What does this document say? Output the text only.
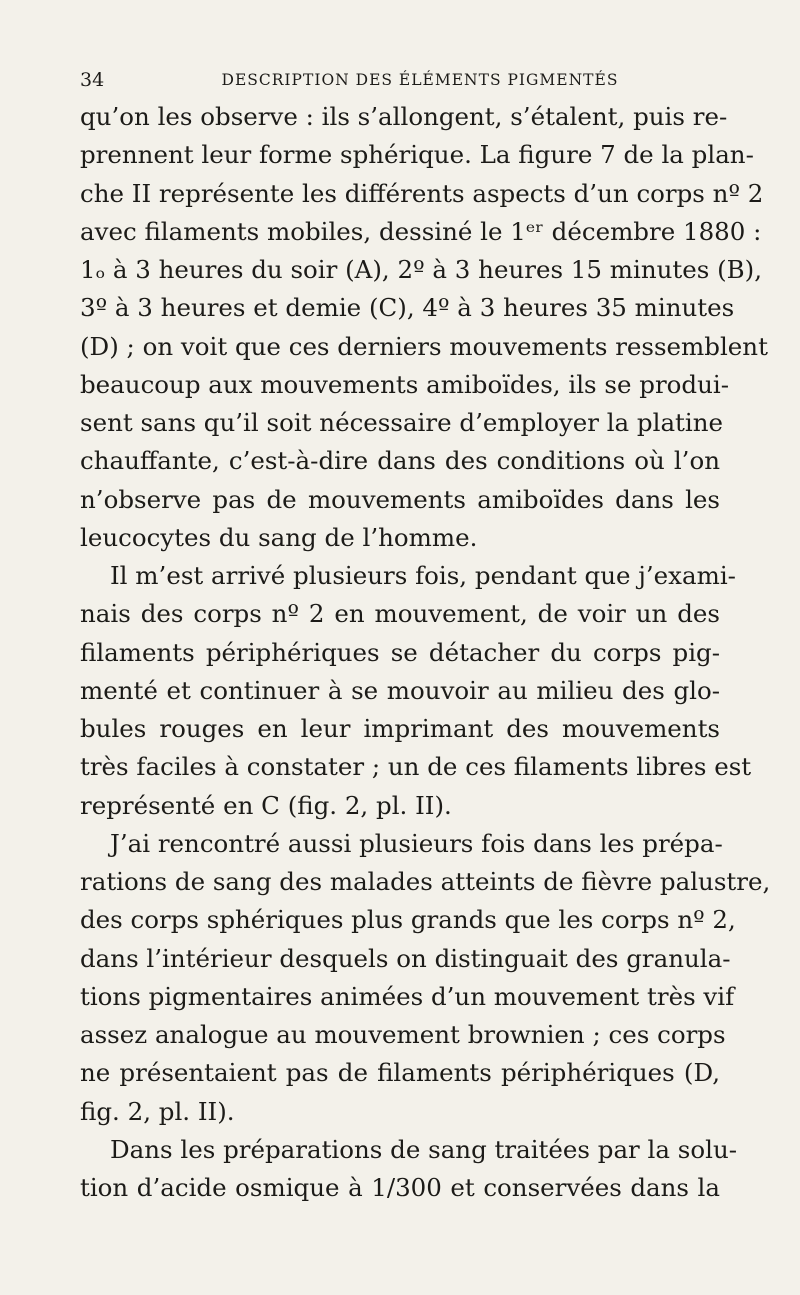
34	DESCRIPTION DES ÉLÉMENTS PIGMENTÉS
qu’on les observe : ils s’allongent, s’étalent, puis re-
prennent leur forme sphérique. La figure 7 de la plan-
che II représente les différents aspects d’un corps nº 2
avec filaments mobiles, dessiné le 1ᵉʳ décembre 1880 :
1ₒ à 3 heures du soir (A), 2º à 3 heures 15 minutes (B),
3º à 3 heures et demie (C), 4º à 3 heures 35 minutes
(D) ; on voit que ces derniers mouvements ressemblent
beaucoup aux mouvements amiboïdes, ils se produi-
sent sans qu’il soit nécessaire d’employer la platine
chauffante, c’est-à-dire dans des conditions où l’on
n’observe pas de mouvements amiboïdes dans les
leucocytes du sang de l’homme.
Il m’est arrivé plusieurs fois, pendant que j’exami-
nais des corps nº 2 en mouvement, de voir un des
filaments périphériques se détacher du corps pig-
menté et continuer à se mouvoir au milieu des glo-
bules rouges en leur imprimant des mouvements
très faciles à constater ; un de ces filaments libres est
représenté en C (fig. 2, pl. II).
J’ai rencontré aussi plusieurs fois dans les prépa-
rations de sang des malades atteints de fièvre palustre,
des corps sphériques plus grands que les corps nº 2,
dans l’intérieur desquels on distinguait des granula-
tions pigmentaires animées d’un mouvement très vif
assez analogue au mouvement brownien ; ces corps
ne présentaient pas de filaments périphériques (D,
fig. 2, pl. II).
Dans les préparations de sang traitées par la solu-
tion d’acide osmique à 1/300 et conservées dans la
